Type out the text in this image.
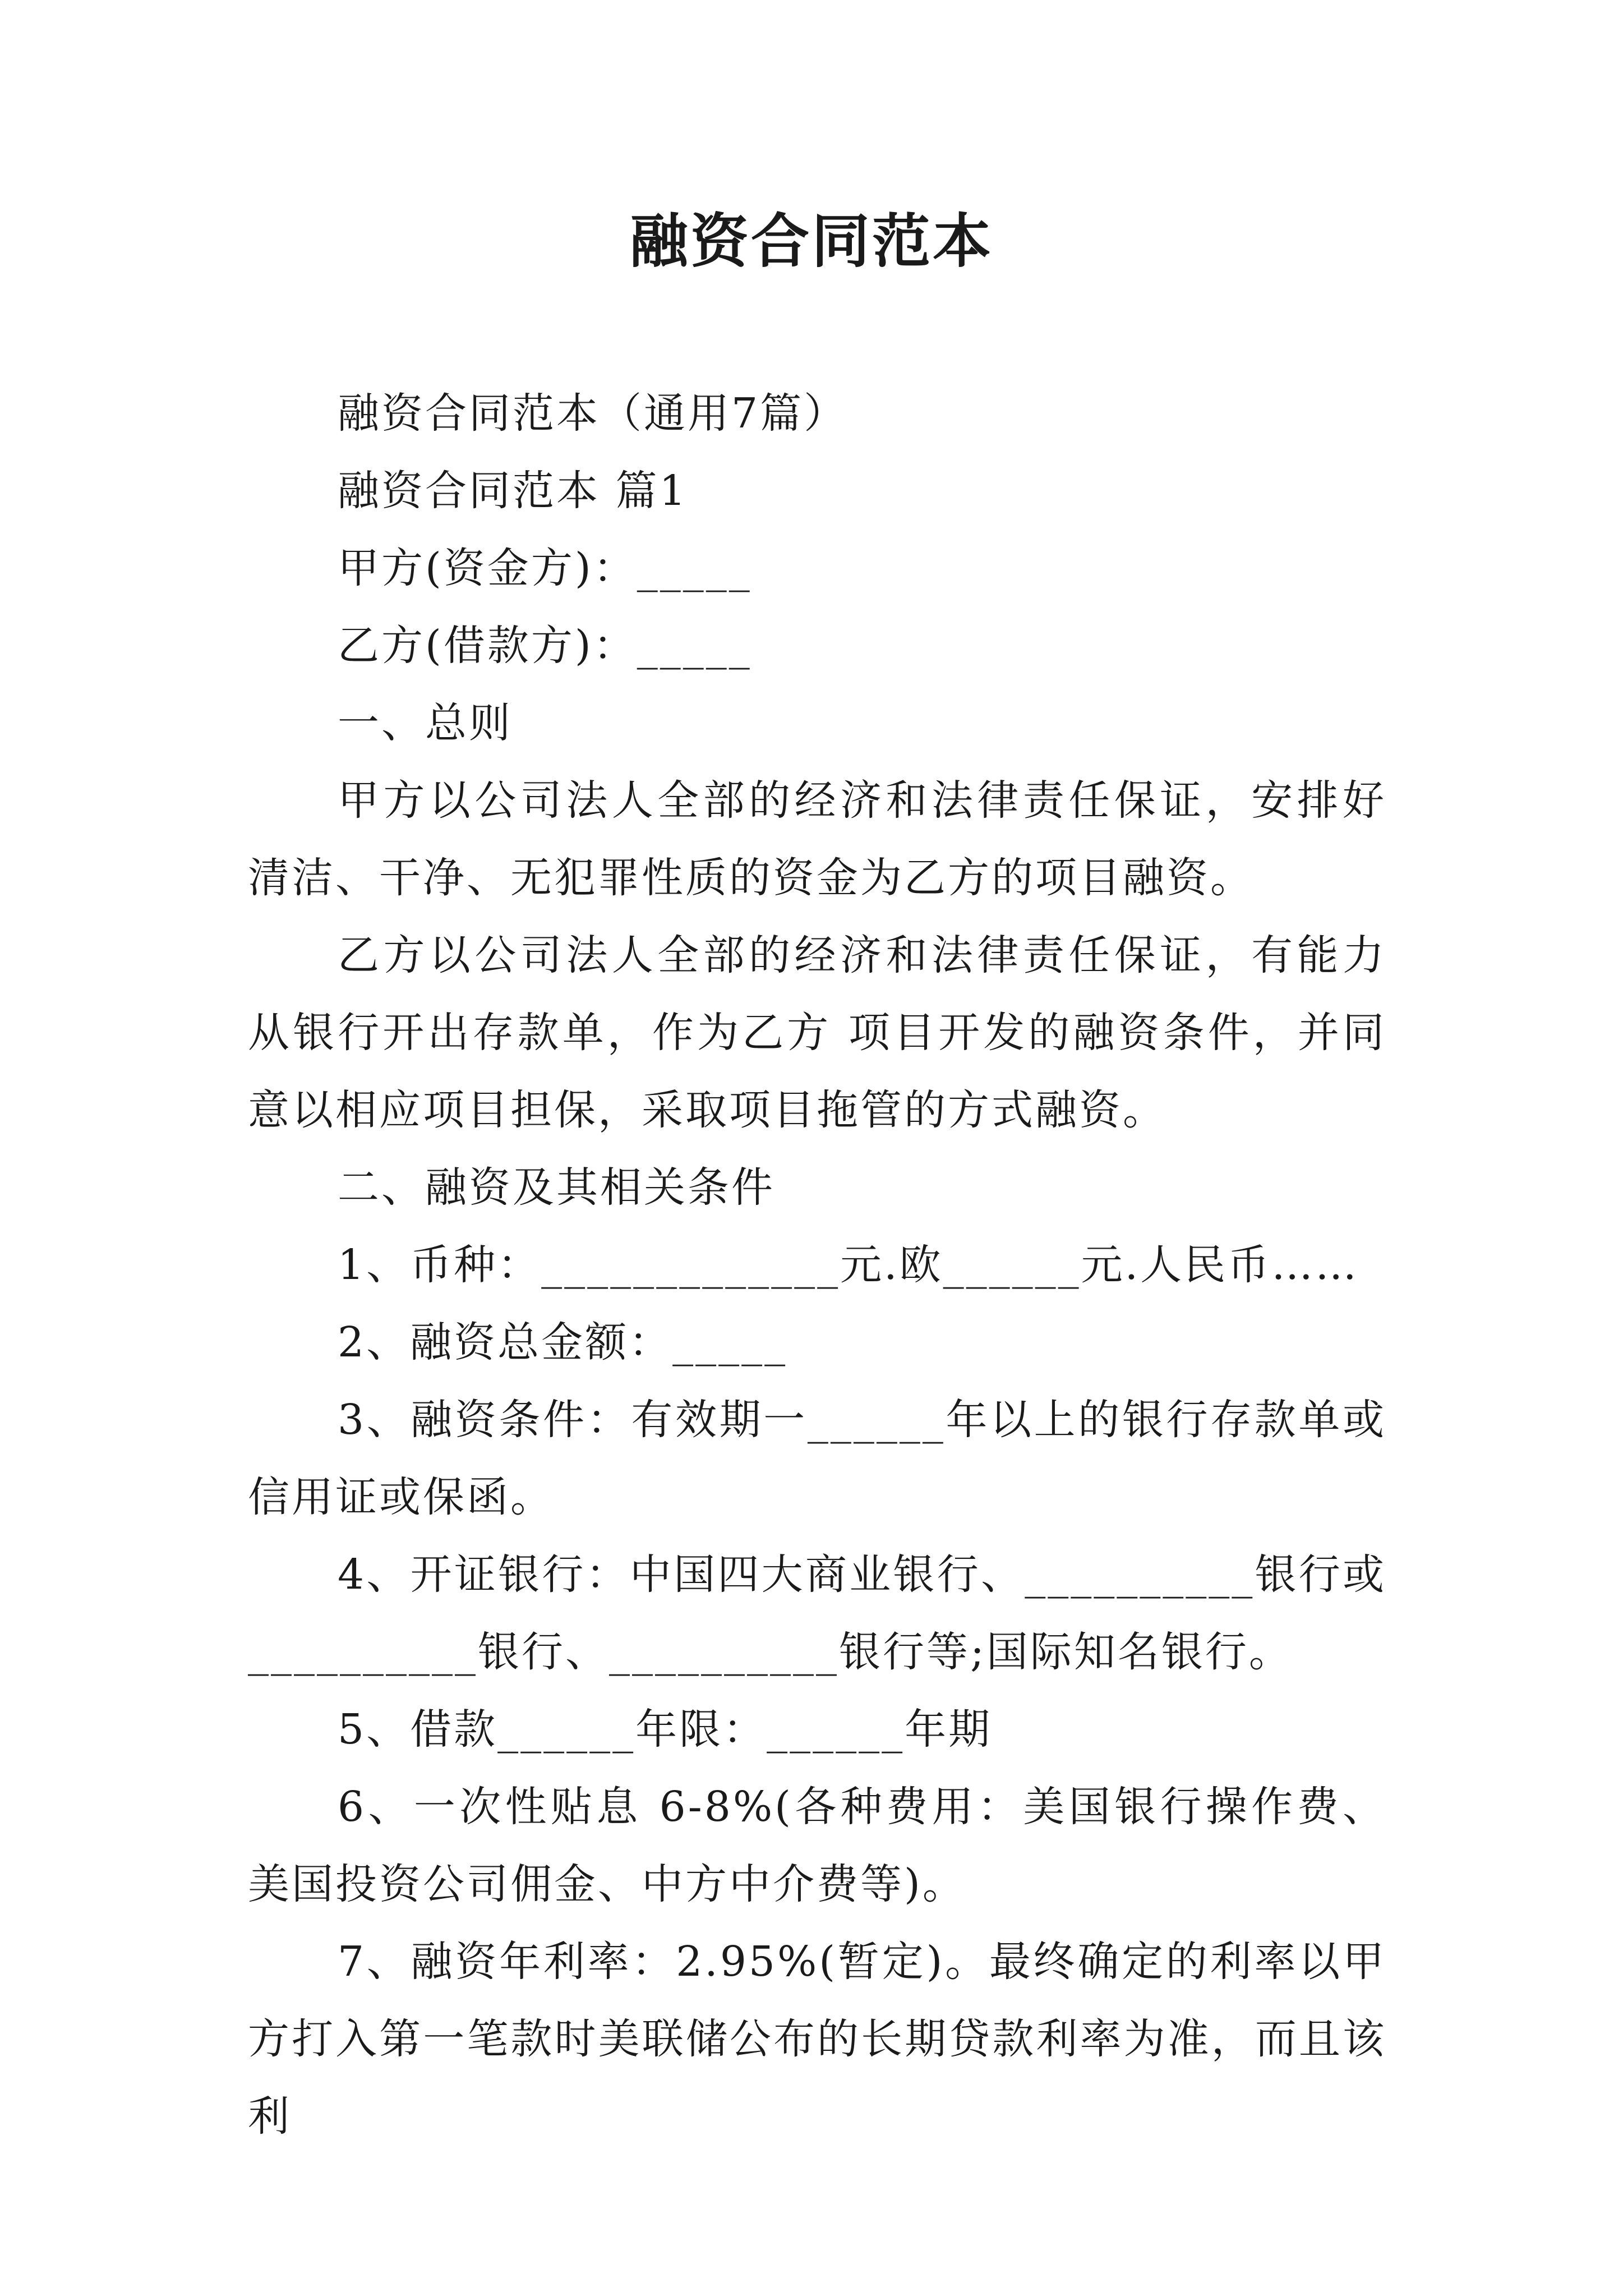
融资合同范本

融资合同范本（通用7篇）

融资合同范本 篇1

甲方(资金方)：_____

乙方(借款方)：_____

一、总则

甲方以公司法人全部的经济和法律责任保证，安排好清洁、干净、无犯罪性质的资金为乙方的项目融资。

乙方以公司法人全部的经济和法律责任保证，有能力从银行开出存款单，作为乙方 项目开发的融资条件，并同意以相应项目担保，采取项目拖管的方式融资。

二、融资及其相关条件

1、币种：_____________元.欧______元.人民币……

2、融资总金额：_____

3、融资条件：有效期一______年以上的银行存款单或信用证或保函。

4、开证银行：中国四大商业银行、__________银行或__________银行、__________银行等;国际知名银行。

5、借款______年限：______年期

6、一次性贴息 6-8%(各种费用：美国银行操作费、美国投资公司佣金、中方中介费等)。

7、融资年利率：2.95%(暂定)。最终确定的利率以甲方打入第一笔款时美联储公布的长期贷款利率为准，而且该利
